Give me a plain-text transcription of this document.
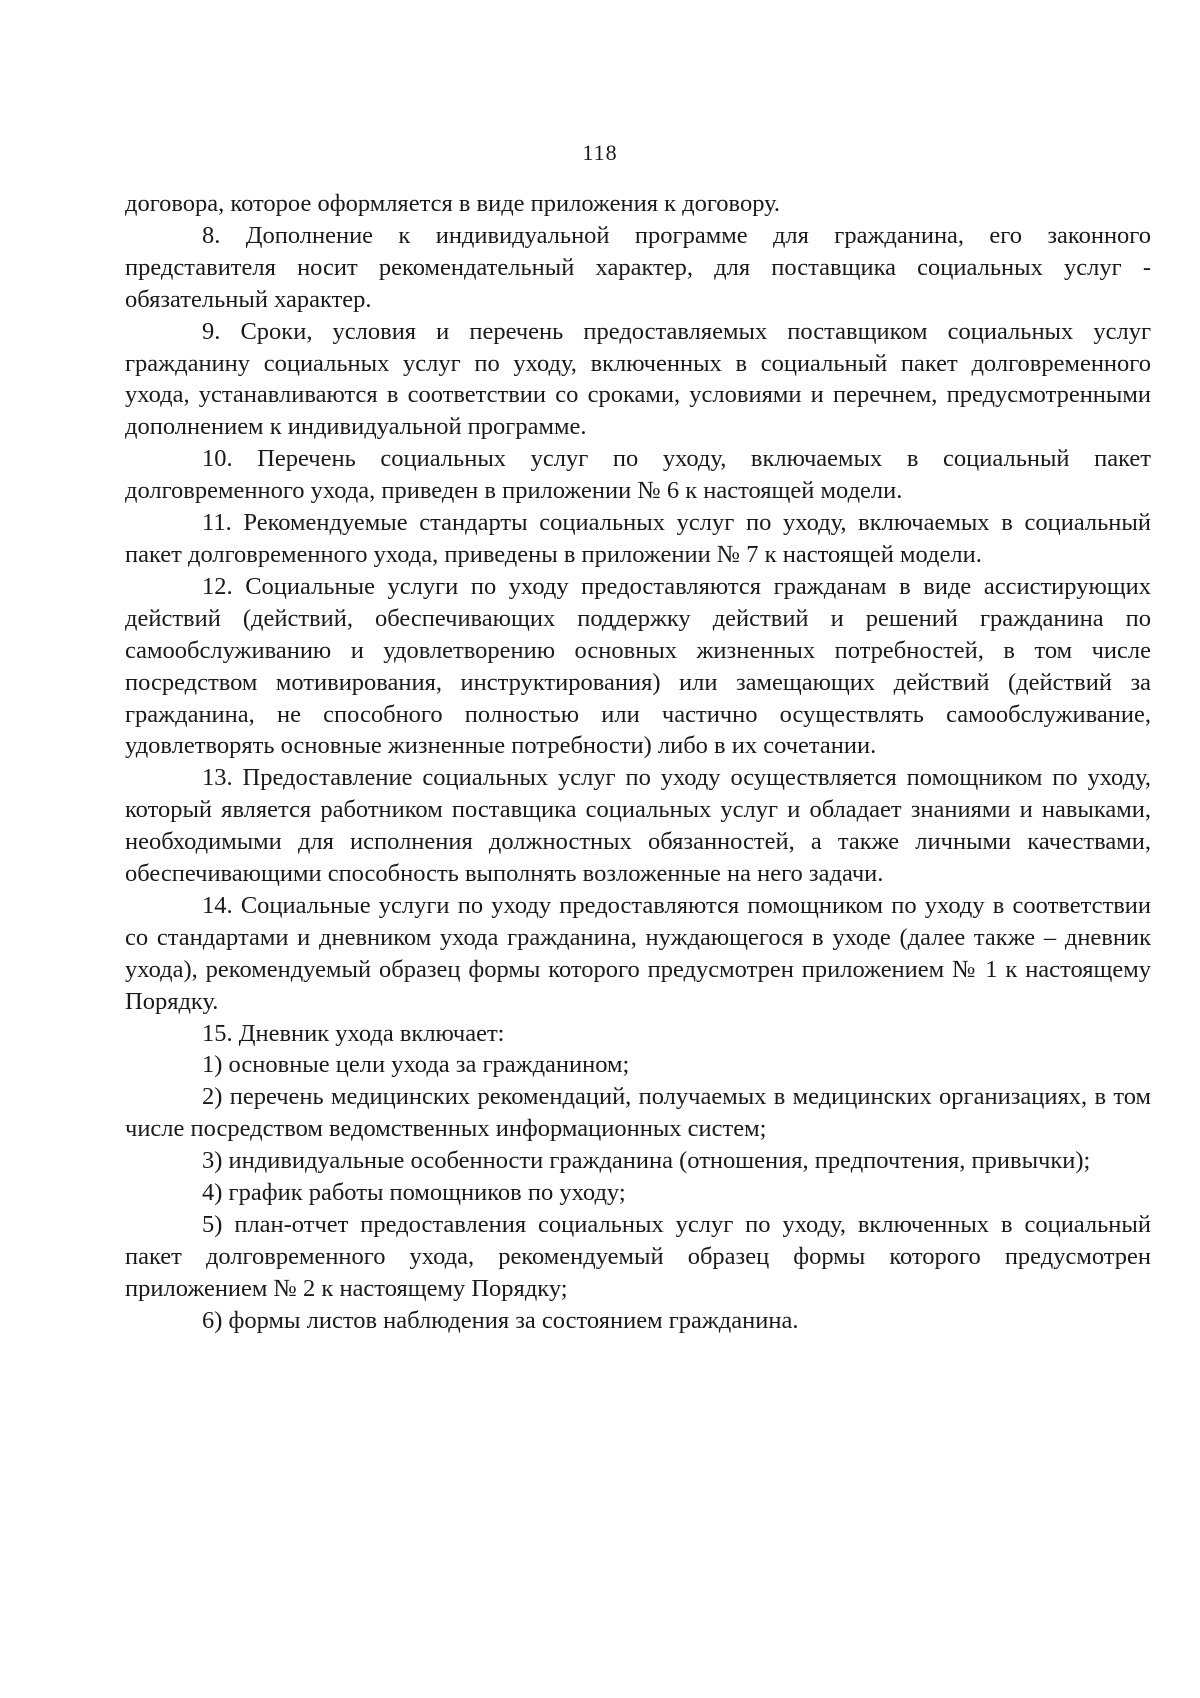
118

договора, которое оформляется в виде приложения к договору.

8. Дополнение к индивидуальной программе для гражданина, его законного представителя носит рекомендательный характер, для поставщика социальных услуг - обязательный характер.

9. Сроки, условия и перечень предоставляемых поставщиком социальных услуг гражданину социальных услуг по уходу, включенных в социальный пакет долговременного ухода, устанавливаются в соответствии со сроками, условиями и перечнем, предусмотренными дополнением к индивидуальной программе.

10. Перечень социальных услуг по уходу, включаемых в социальный пакет долговременного ухода, приведен в приложении № 6 к настоящей модели.

11. Рекомендуемые стандарты социальных услуг по уходу, включаемых в социальный пакет долговременного ухода, приведены в приложении № 7 к настоящей модели.

12. Социальные услуги по уходу предоставляются гражданам в виде ассистирующих действий (действий, обеспечивающих поддержку действий и решений гражданина по самообслуживанию и удовлетворению основных жизненных потребностей, в том числе посредством мотивирования, инструктирования) или замещающих действий (действий за гражданина, не способного полностью или частично осуществлять самообслуживание, удовлетворять основные жизненные потребности) либо в их сочетании.

13. Предоставление социальных услуг по уходу осуществляется помощником по уходу, который является работником поставщика социальных услуг и обладает знаниями и навыками, необходимыми для исполнения должностных обязанностей, а также личными качествами, обеспечивающими способность выполнять возложенные на него задачи.

14. Социальные услуги по уходу предоставляются помощником по уходу в соответствии со стандартами и дневником ухода гражданина, нуждающегося в уходе (далее также – дневник ухода), рекомендуемый образец формы которого предусмотрен приложением № 1 к настоящему Порядку.

15. Дневник ухода включает:

1) основные цели ухода за гражданином;

2) перечень медицинских рекомендаций, получаемых в медицинских организациях, в том числе посредством ведомственных информационных систем;

3) индивидуальные особенности гражданина (отношения, предпочтения, привычки);

4) график работы помощников по уходу;

5) план-отчет предоставления социальных услуг по уходу, включенных в социальный пакет долговременного ухода, рекомендуемый образец формы которого предусмотрен приложением № 2 к настоящему Порядку;

6) формы листов наблюдения за состоянием гражданина.
